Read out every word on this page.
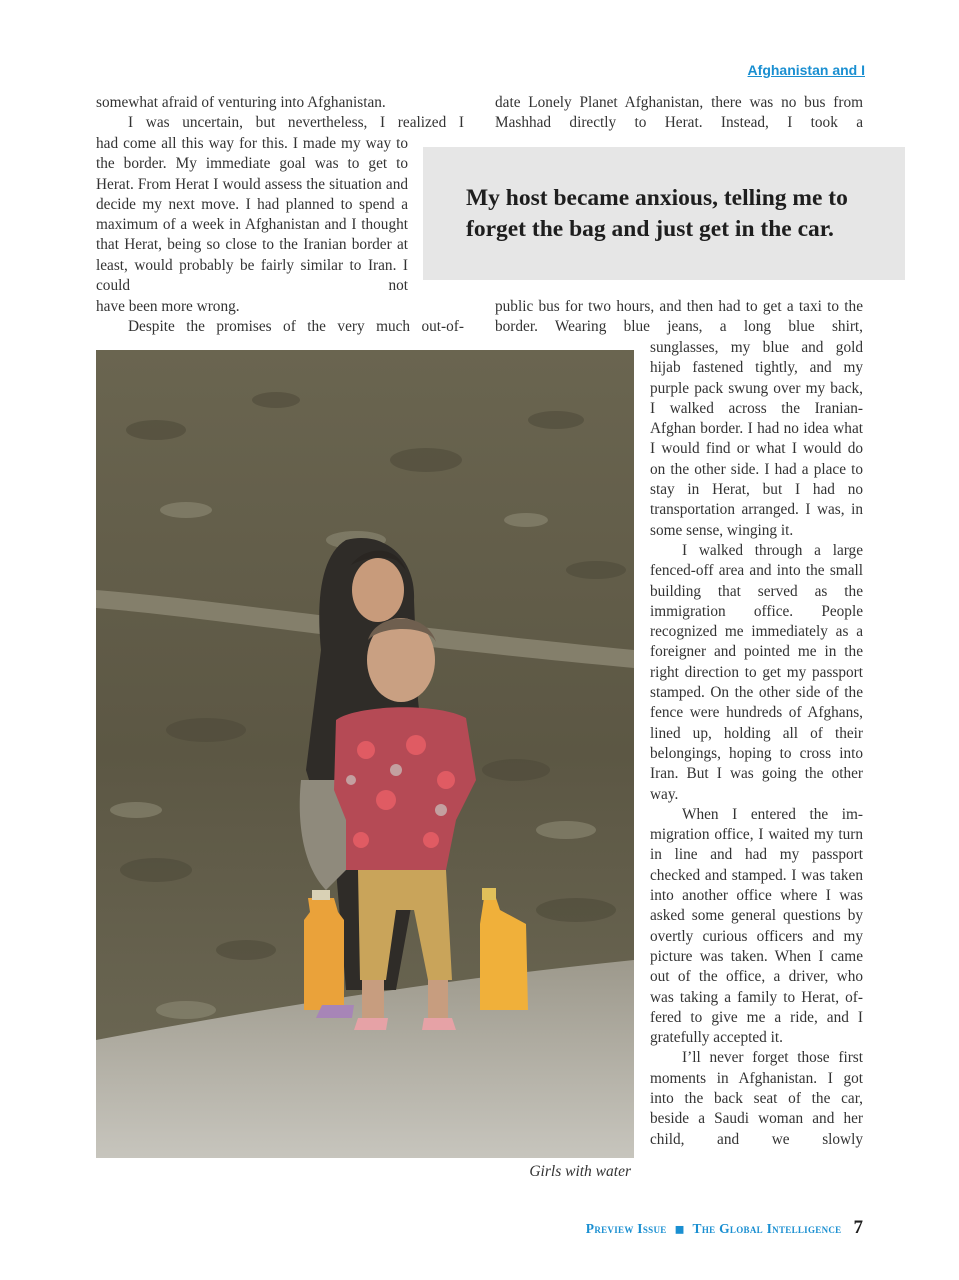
Afghanistan and I

somewhat afraid of venturing into Afghanistan.

I was uncertain, but nevertheless, I realized I

had come all this way for this. I made my way to the border. My immediate goal was to get to Herat. From Herat I would assess the situation and decide my next move. I had planned to spend a maximum of a week in Afghanistan and I thought that Herat, being so close to the Iranian border at least, would probably be fairly similar to Iran. I could not

have been more wrong.

Despite the promises of the very much out-of-

date Lonely Planet Afghanistan, there was no bus from Mashhad directly to Herat. Instead, I took a

My host became anxious, telling me to forget the bag and just get in the car.

public bus for two hours, and then had to get a taxi to the border. Wearing blue jeans, a long blue shirt,

sunglasses, my blue and gold hijab fastened tightly, and my purple pack swung over my back, I walked across the Iranian-Afghan border. I had no idea what I would find or what I would do on the other side. I had a place to stay in Herat, but I had no transportation arranged. I was, in some sense, winging it.

I walked through a large fenced-off area and into the small building that served as the immigration office. People recognized me immediately as a foreigner and pointed me in the right direction to get my passport stamped. On the other side of the fence were hundreds of Afghans, lined up, holding all of their belongings, hoping to cross into Iran. But I was going the other way.

When I entered the immigration office, I waited my turn in line and had my passport checked and stamped. I was taken into another office where I was asked some general questions by overtly curious officers and my picture was taken. When I came out of the office, a driver, who was taking a family to Herat, offered to give me a ride, and I gratefully accepted it.

I’ll never forget those first moments in Afghanistan. I got into the back seat of the car, beside a Saudi woman and her child, and we slowly

Girls with water
Preview Issue ◼ The Global Intelligence 7
